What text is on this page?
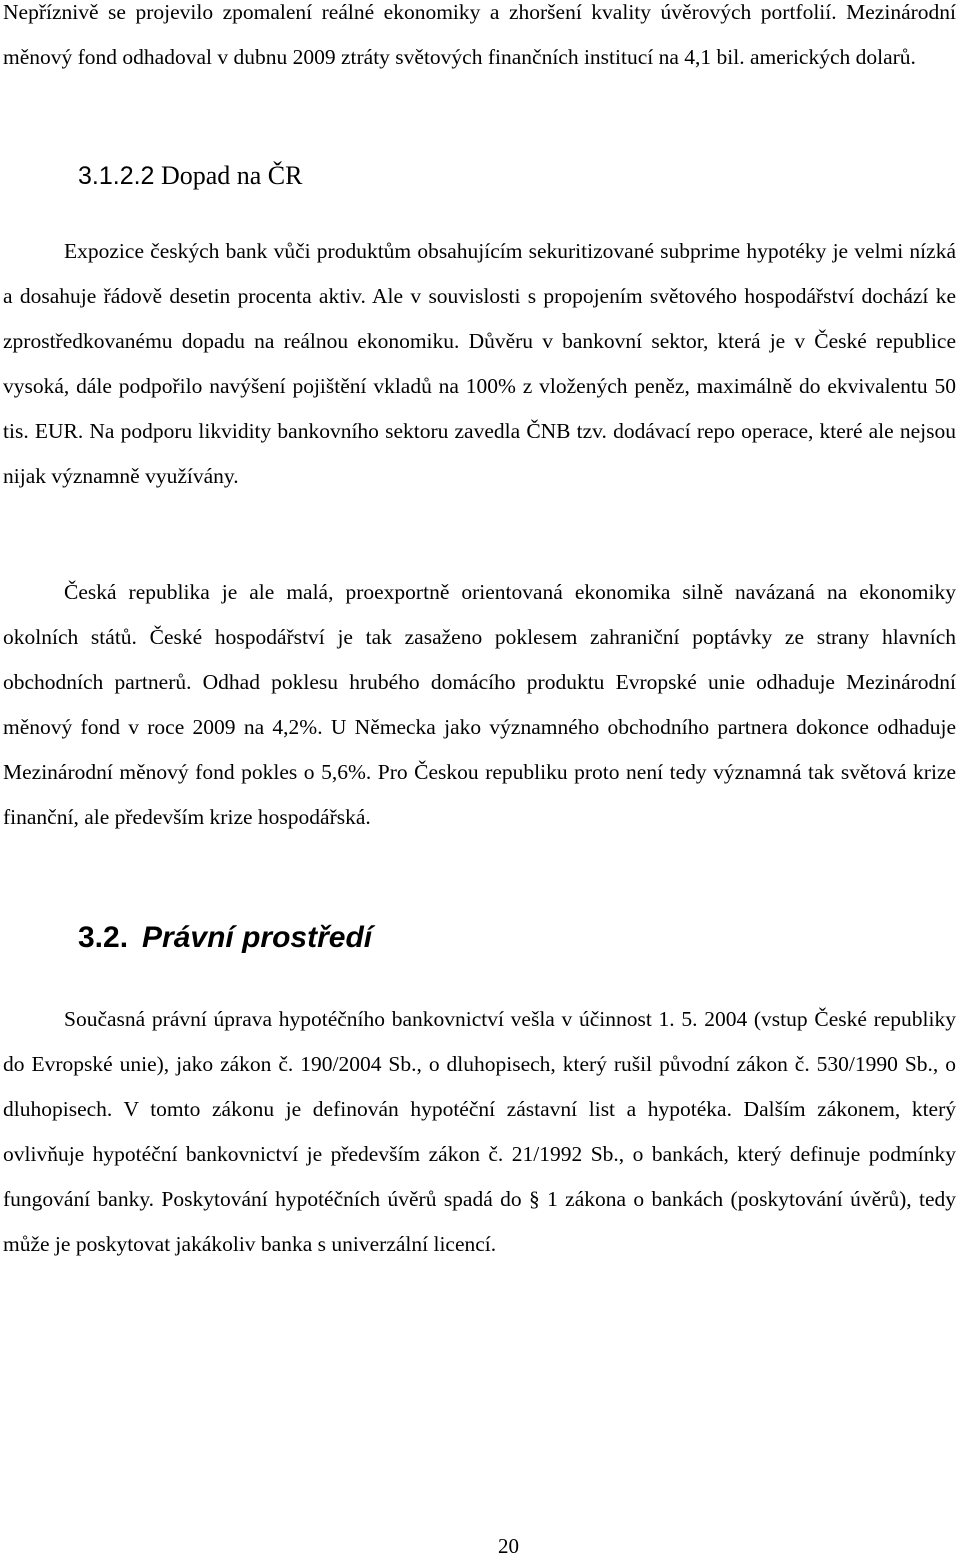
Nepříznivě se projevilo zpomalení reálné ekonomiky a zhoršení kvality úvěrových portfolií. Mezinárodní měnový fond odhadoval v dubnu 2009 ztráty světových finančních institucí na 4,1 bil. amerických dolarů.

3.1.2.2 Dopad na ČR

Expozice českých bank vůči produktům obsahujícím sekuritizované subprime hypotéky je velmi nízká a dosahuje řádově desetin procenta aktiv. Ale v souvislosti s propojením světového hospodářství dochází ke zprostředkovanému dopadu na reálnou ekonomiku. Důvěru v bankovní sektor, která je v České republice vysoká, dále podpořilo navýšení pojištění vkladů na 100% z vložených peněz, maximálně do ekvivalentu 50 tis. EUR. Na podporu likvidity bankovního sektoru zavedla ČNB tzv. dodávací repo operace, které ale nejsou nijak významně využívány.

Česká republika je ale malá, proexportně orientovaná ekonomika silně navázaná na ekonomiky okolních států. České hospodářství je tak zasaženo poklesem zahraniční poptávky ze strany hlavních obchodních partnerů. Odhad poklesu hrubého domácího produktu Evropské unie odhaduje Mezinárodní měnový fond v roce 2009 na 4,2%. U Německa jako významného obchodního partnera dokonce odhaduje Mezinárodní měnový fond pokles o 5,6%. Pro Českou republiku proto není tedy významná tak světová krize finanční, ale především krize hospodářská.

3.2. Právní prostředí

Současná právní úprava hypotéčního bankovnictví vešla v účinnost 1. 5. 2004 (vstup České republiky do Evropské unie), jako zákon č. 190/2004 Sb., o dluhopisech, který rušil původní zákon č. 530/1990 Sb., o dluhopisech. V tomto zákonu je definován hypotéční zástavní list a hypotéka. Dalším zákonem, který ovlivňuje hypotéční bankovnictví je především zákon č. 21/1992 Sb., o bankách, který definuje podmínky fungování banky. Poskytování hypotéčních úvěrů spadá do § 1 zákona o bankách (poskytování úvěrů), tedy může je poskytovat jakákoliv banka s univerzální licencí.

20
